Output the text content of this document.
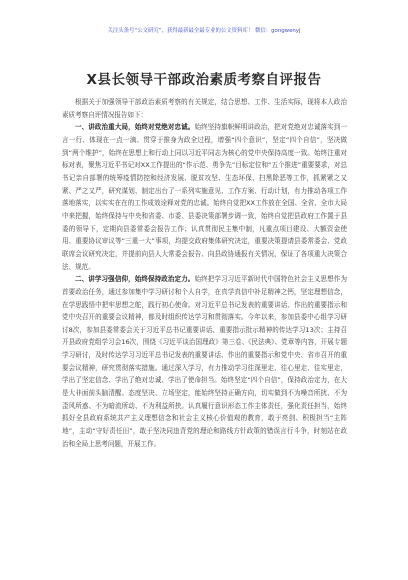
关注头条号“公文研究”，获得最新最全最专业的公文资料库！ 微信：gongwenyj
X县长领导干部政治素质考察自评报告

根据关于加强领导干部政治素质考察的有关规定，结合思想、工作、生活实际，现将本人政治素质考察自评情况报告如下：

一、讲政治重大局，始终对党绝对忠诚。始终坚持旗帜鲜明讲政治，把对党绝对忠诚落实到一言一行、体现在一点一滴、贯穿于推身为政全过程，增强“四个意识”，坚定“四个自信”，坚决做到“两个维护”，始终在思想上和行动上同以习近平同志为核心的党中央保持高度一致。始终注重对标对表，聚焦习近平书记对XX工作提出的“作示范、勇争先”目标定位和“五个推进”重要要求，对总书记亲自部署的统筹疫情防控和经济发展、脱贫攻坚、生态环保、扫黑除恶等工作，抓紧紧之又紧、严之又严，研究谋划、制定出台了一系列实施意见、工作方案、行动计划，有力推动各项工作落地落实，以实实在在的工作成效诠释对党的忠诚。始终自觉把XX工作放在全国、全省、全市大局中来把握，始终保持与中央和省委、市委、县委决策部署步调一致，始终自觉把县政府工作置于县委的领导下，定期向县委常委会报告工作；认真贯彻民主集中制，凡重点项目建设、大额资金使用、重要协议审议等“三重一大”事项，均提交政府集体研究决定，重要决策提请县委常委会、党政联席会议研究决定，并提前向县人大常委会报告、向县政协通报有关情况，保证了各项重大决策合法、规范。

二、讲学习强信仰，始终保持政治定力。始终把学习习近平新时代中国特色社会主义思想作为首要政治任务，通过参加集中学习研讨和个人自学，在真学真信中补足精神之钙，坚定理想信念，在学思践悟中把牢思想之舵，践行初心使命。对习近平总书记发表的重要讲话、作出的重要指示和党中央召开的重要会议精神，都及时组织传达学习和贯彻落实。今年以来，参加县委中心组学习研讨8次，参加县委常委会关于习近平总书记重要讲话、重要指示批示精神的传达学习13次；主持召开县政府党组学习会16次，围绕《习近平谈治国理政》第三卷、《民法典》、党章等内容，开展专题学习研讨，及时传达学习习近平总书记发表的重要讲话、作出的重要指示和党中央、省市召开的重要会议精神，研究贯彻落实措施。通过深入学习，有力推动学习往深里走、往心里走、往实里走，学出了坚定信念、学出了绝对忠诚、学出了使命担当。始终坚定“四个自信”，保持政治定力，在大是大非面前头脑清醒、态度坚决、立场坚定，能始终坚持正确方向，切实做到不为噪音所扰、不为歪风所惑、不为暗流所动、不为利益所挟。认真履行意识形态工作主体责任，强化责任担当，始终抓好全县政府系统共产主义理想信念和社会主义核心价值观的教育，敢于亮剑、积极担当“主阵地”，主动“守好责任田”，敢于坚决同违背党的理论和路线方针政策的错误言行斗争，时刻站在政治和全局上思考问题，开展工作。
